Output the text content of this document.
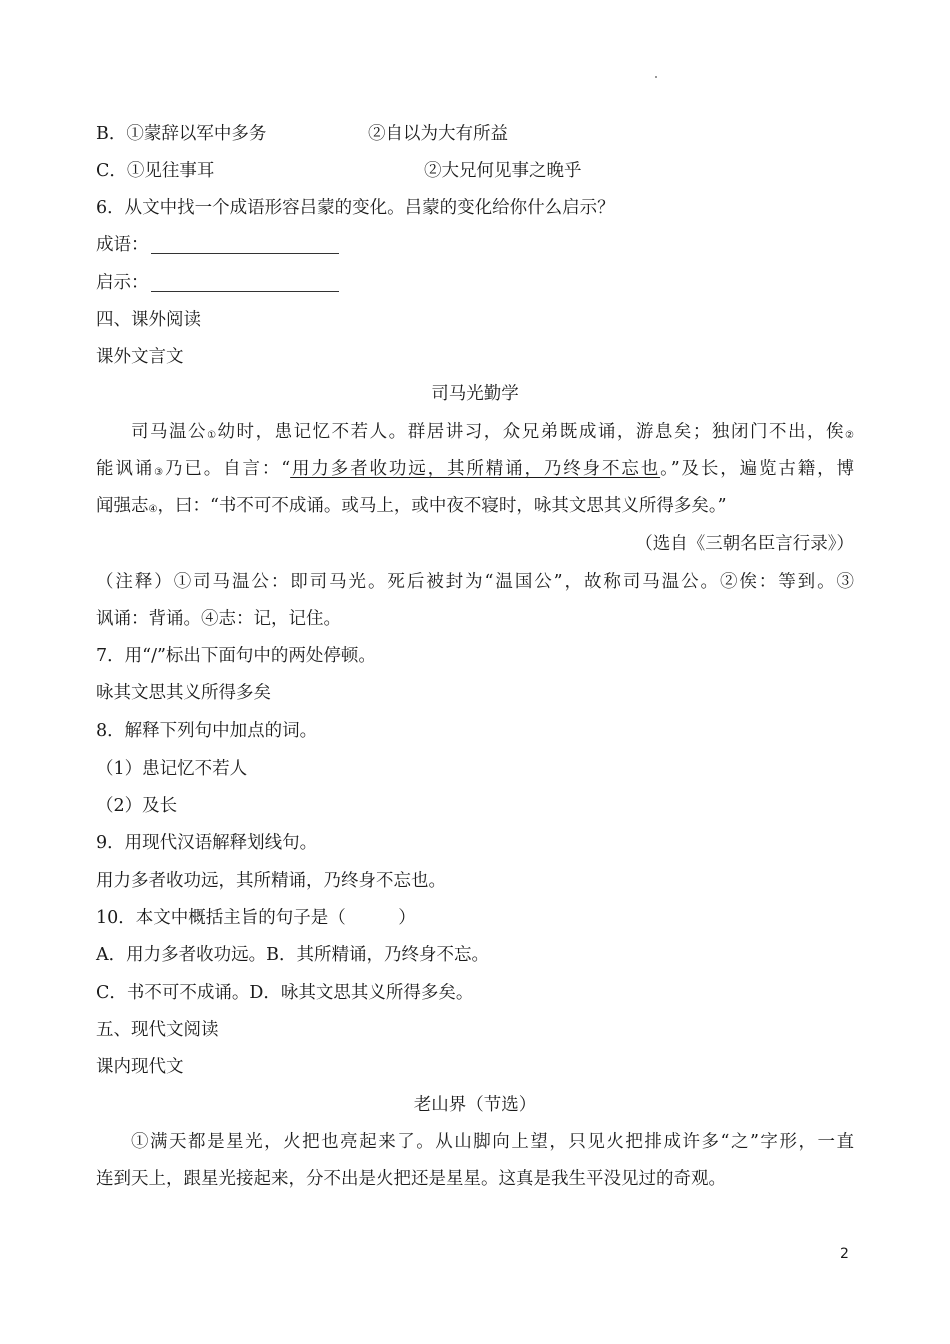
B．①蒙辞以军中多务	②自以为大有所益
C．①见往事耳	②大兄何见事之晚乎
6．从文中找一个成语形容吕蒙的变化。吕蒙的变化给你什么启示？
成语：
启示：
四、课外阅读
课外文言文
司马光勤学
司马温公$_①$幼时，患记忆不若人。群居讲习，众兄弟既成诵，游息矣；独闭门不出，俟$_②$
能讽诵$_③$乃已。自言：“用力多者收功远，其所精诵，乃终身不忘也。”及长，遍览古籍，博
闻强志$_④$，曰：“书不可不成诵。或马上，或中夜不寝时，咏其文思其义所得多矣。”
（选自《三朝名臣言行录》）
（注释）①司马温公：即司马光。死后被封为“温国公”，故称司马温公。②俟：等到。③
讽诵：背诵。④志：记，记住。
7．用“/”标出下面句中的两处停顿。
咏其文思其义所得多矣
8．解释下列句中加点的词。
（1）患记忆不若人
（2）及长
9．用现代汉语解释划线句。
用力多者收功远，其所精诵，乃终身不忘也。
10．本文中概括主旨的句子是（　　　）
A．用力多者收功远。B．其所精诵，乃终身不忘。
C．书不可不成诵。D．咏其文思其义所得多矣。
五、现代文阅读
课内现代文
老山界（节选）
①满天都是星光，火把也亮起来了。从山脚向上望，只见火把排成许多“之”字形，一直
连到天上，跟星光接起来，分不出是火把还是星星。这真是我生平没见过的奇观。
2
